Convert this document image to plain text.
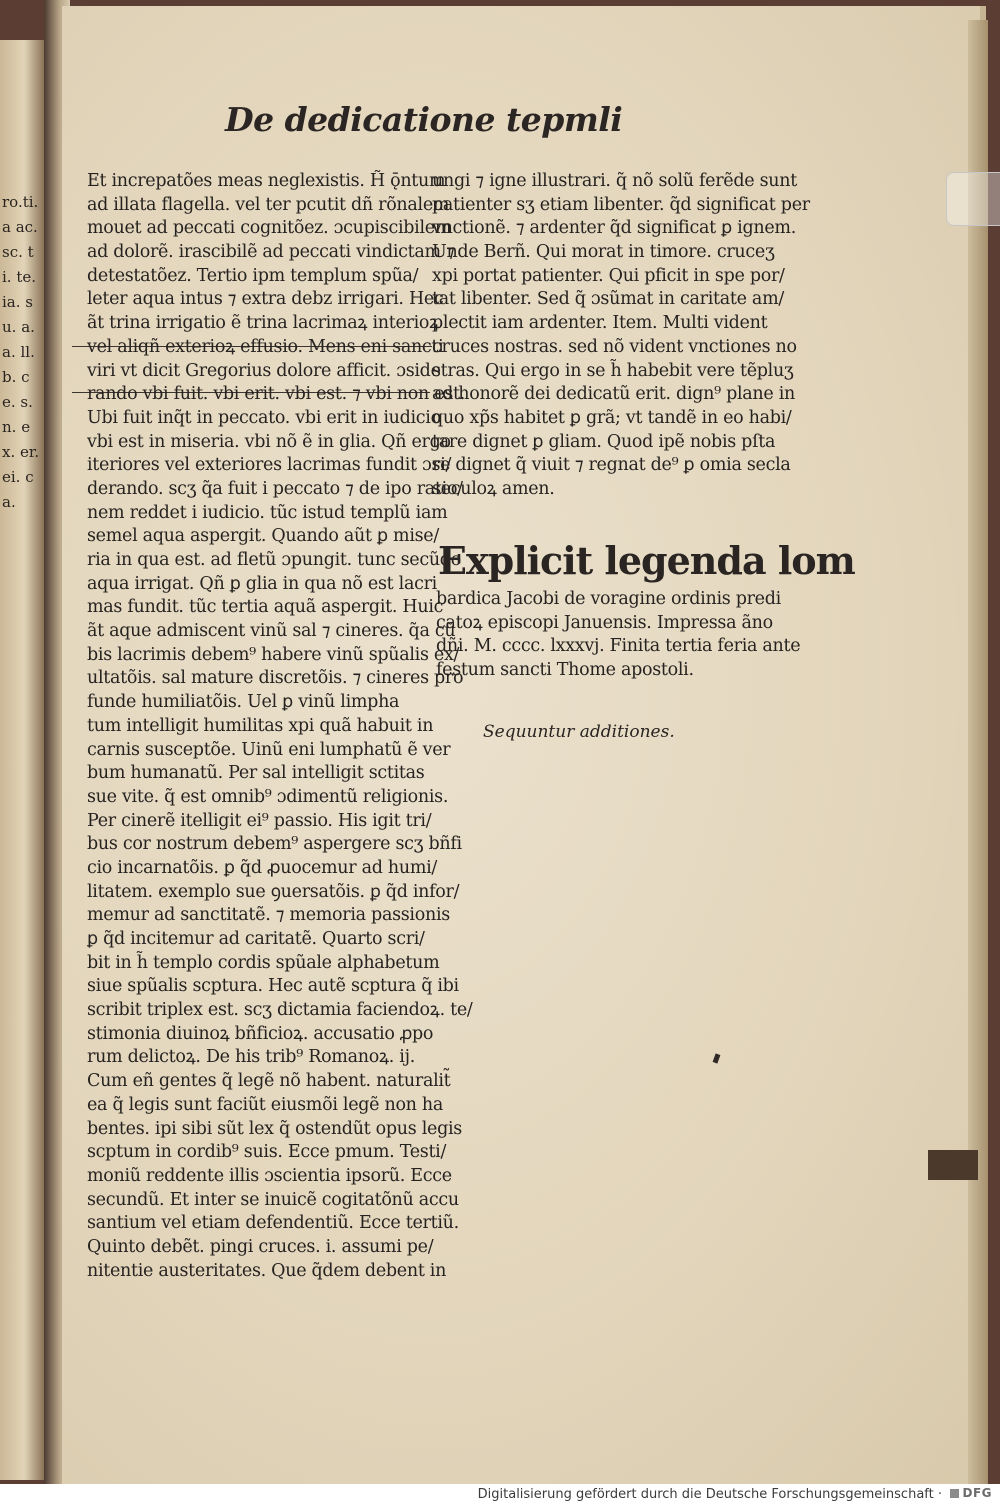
ro.ti.a ac. sc. ti. te. ia. su. a. a. ll. b. ce. s. n. ex. er. ei. ca.
De dedicatione tepmli
Et increpatões meas neglexistis. H̃ ǭntum
ad illata flagella. vel ter pcutit dñ rõnalem
mouet ad peccati cognitõez. ɔcupiscibilem
ad dolorẽ. irascibilẽ ad peccati vindictam ⁊
detestatõez. Tertio ipm templum spũa/
leter aqua intus ⁊ extra debz irrigari. Hec
ãt trina irrigatio ẽ trina lacrimaꝝ interioꝝ
vel aliqñ exterioꝝ effusio. Mens eni sancti
viri vt dicit Gregorius dolore afficit. ɔside
rando vbi fuit. vbi erit. vbi est. ⁊ vbi non est.
Ubi fuit inq̃t in peccato. vbi erit in iudicio
vbi est in miseria. vbi nõ ẽ in glia. Qñ ergo
iteriores vel exteriores lacrimas fundit ɔsi/
derando. scʒ q̃a fuit i peccato ⁊ de ipo ratio/
nem reddet i iudicio. tũc istud templũ iam
semel aqua aspergit. Quando aũt ꝑ mise/
ria in qua est. ad fletũ ɔpungit. tunc secũdo
aqua irrigat. Qñ ꝑ glia in qua nõ est lacri
mas fundit. tũc tertia aquã aspergit. Huic
ãt aque admiscent vinũ sal ⁊ cineres. q̃a cũ
bis lacrimis debem⁹ habere vinũ spũalis ex/
ultatõis. sal mature discretõis. ⁊ cineres pro
funde humiliatõis. Uel ꝑ vinũ limpha
tum intelligit humilitas xpi quã habuit in
carnis susceptõe. Uinũ eni lumphatũ ẽ ver
bum humanatũ. Per sal intelligit sctitas
sue vite. q̃ est omnib⁹ ɔdimentũ religionis.
Per cinerẽ itelligit ei⁹ passio. His igit tri/
bus cor nostrum debem⁹ aspergere scʒ bñfi
cio incarnatõis. ꝑ q̃d ꝓuocemur ad humi/
litatem. exemplo sue ꝯuersatõis. ꝑ q̃d infor/
memur ad sanctitatẽ. ⁊ memoria passionis
ꝑ q̃d incitemur ad caritatẽ. Quarto scri/
bit in h̃ templo cordis spũale alphabetum
siue spũalis scptura. Hec autẽ scptura q̃ ibi
scribit triplex est. scʒ dictamia faciendoꝝ. te/
stimonia diuinoꝝ bñficioꝝ. accusatio ꝓpo
rum delictoꝝ. De his trib⁹ Romanoꝝ. ij.
Cum eñ gentes q̃ legẽ nõ habent. naturalit̃
ea q̃ legis sunt faciũt eiusmõi legẽ non ha
bentes. ipi sibi sũt lex q̃ ostendũt opus legis
scptum in cordib⁹ suis. Ecce pmum. Testi/
moniũ reddente illis ɔscientia ipsorũ. Ecce
secundũ. Et inter se inuicẽ cogitatõnũ accu
santium vel etiam defendentiũ. Ecce tertiũ.
Quinto debẽt. pingi cruces. i. assumi pe/
nitentie austeritates. Que q̃dem debent in
ungi ⁊ igne illustrari. q̃ nõ solũ ferẽde sunt
patienter sʒ etiam libenter. q̃d significat per
vnctionẽ. ⁊ ardenter q̃d significat ꝑ ignem.
Unde Berñ. Qui morat in timore. cruceʒ
xpi portat patienter. Qui pficit in spe por/
tat libenter. Sed q̃ ɔsũmat in caritate am/
plectit iam ardenter. Item. Multi vident
cruces nostras. sed nõ vident vnctiones no
stras. Qui ergo in se h̃ habebit vere tẽpluʒ
ad honorẽ dei dedicatũ erit. dign⁹ plane in
quo xp̃s habitet ꝑ grã; vt tandẽ in eo habi/
tare dignet ꝑ gliam. Quod ipẽ nobis pſta
re dignet q̃ viuit ⁊ regnat de⁹ ꝑ omia secla
seculoꝝ amen.
Explicit legenda lom
bardica Jacobi de voragine ordinis predi
catoꝝ episcopi Januensis. Impressa ãno
dñi. M. cccc. lxxxvj. Finita tertia feria ante
festum sancti Thome apostoli.
Sequuntur additiones.
Digitalisierung gefördert durch die Deutsche Forschungsgemeinschaft ·	DFG
